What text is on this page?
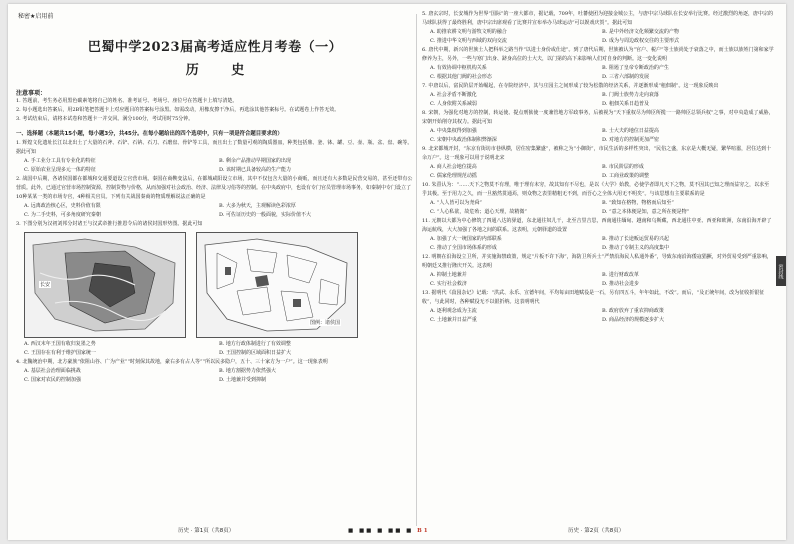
秘密★启用前
巴蜀中学2023届高考适应性月考卷（一）
历 史
注意事项：

1. 答题前，考生务必用黑色碳素笔将自己的姓名、准考证号、考场号、座位号在答题卡上填写清楚。

2. 每小题选出答案后，用2B铅笔把答题卡上对应题目的答案标号涂黑。如需改动，用橡皮擦干净后，再选涂其他答案标号。在试题卷上作答无效。

3. 考试结束后，请将本试卷和答题卡一并交回。满分100分，考试用时75分钟。

一、选择题（本题共15小题，每小题3分，共45分。在每小题给出的四个选项中，只有一项是符合题目要求的）

1. 辉煌文化遗址长江以北出土了大量的石斧、石铲、石锛、石刀、石磨盘、骨铲等工具，而且出土了数量可观的陶质器皿，种类包括鼎、釜、钵、罐、豆、壶、瓶、盆、盘、碗等。据此可知

A. 手工业分工具有专业化的特征	B. 剩余产品推动早期国家的出现
C. 原始农业呈现多元一体的特征	D. 该时期已具备较高的生产能力

2. 战国中后期，各诸侯国都在都城和交通要道设立官营市场。秦国在商鞅变法后，在都城咸阳设立市场，其中不仅包含大量的小商贩，而且还有大多数是民营交易的，甚至还带有公营质。此外，已通过官营市场控制资源，控制货物与价格，从而加强对社会政治、经济、法律及习俗等的控制。在中央政府中，也设有专门官员管理市场事务，如秦制中专门设立了10种某某一类的市场专官，4种相关官员。下列有关战国秦商的物质理解说法正确的是

A. 远离政治核心区，史料价值有限	B. 大多为秋天，主观解读色彩浓厚
C. 为二手史料，可多角度研究秦朝	D. 可佐证历史的一般面貌，实际价值不大

3. 下图分别为汉初刘邦分封诸王与汉武帝推行推恩令后的诸侯封国形势图。据此可知

长安
图例：诸侯国
A. 西汉末年王国有收归复墨之势	B. 地方行政体制进行了有效调整
C. 王国存在有利于维护国家统一	D. 王国控制的区域面积日益扩大

4. 北魏统治中期，北方豪族“依阻山谷、广为产业”“时刻保其故地，豪右多有占人等”“所以民多隐户，五十、三十家方为一户”。这一现象表明

A. 基层社会治理面临挑战	B. 地方割据势力依然强大
C. 国家对农民的控制加强	D. 土地兼并受到抑制

5. 唐玄宗时，长安城作为世界“国际”的一座大都市，据记载，709年，吐蕃使团为迎接金城公主，与唐中宗马球队在长安举行比赛。经过激烈的角逐，唐中宗的马球队获得了最终胜利，唐中宗出席观看了比赛并宣布举办马球运动“可以娱戏庆贺”。据此可知

A. 助推农耕文明与游牧文明的融合	B. 是中外经济文化频繁交流的产物
C. 推进中华文明与西域的双向交流	D. 成为与周边政权交往的主要形式

6. 唐代中期，新兴的世族士人把科举之路当作“以进士身份或仕途”。到了唐代后期，世族被认为“官户、税户”等士族尚处于衰落之中，而士族以族姓门第和家学修养为主，另外，一些与寒门出身、跻身高位的士大夫，以门第的高下来影响人们对自身的判断。这一变化说明

A. 有效协调中枢机构关系	B. 阻遏了皇帝专断政治的产生
C. 根据其他门阀的社会形态	D. 三省六部制的发展

7. 中唐以后，富民阶层开始崛起，在寺院经济中，其与庄园主之间形成了较为松散的经济关系，并逐渐形成“租佃制”。这一现象反映出

A. 社会矛盾不断激化	B. 门阀士族势力走向衰落
C. 人身依附关系减弱	D. 租佃关系日趋普及

8. 宋朝，为强化对地方的控制，转运使、提点刑狱使一度兼管地方军政事务，后被视为“天下重权尽为帅臣所揽一一路帅臣总领兵权”之事，对中央造成了威胁，宋朝开始削夺其权力。据此可知

A. 中央集权得到加强	B. 士大夫的地位日益提高
C. 宋朝中央政治体制积弊渐深	D. 对地方的控制更加严密

9. 北宋都城开封，“东京有街坊市巷纵横，居住密集繁盛”，被称之为“小御街”，市民生活的多样性突出，“民俗之盛，东京是大概无疑，繁华喧嚣，居住达到十余万户”。这一现象可以用于说明北宋

A. 商人社会地位提高	B. 市民阶层的形成
C. 儒家伦理规范动摇	D. 工商业政策的调整

10. 朱熹认为：“……天下之物莫不有理，唯于理有未穷，故其知有不尽也，是以《大学》始教，必使学者即凡天下之物，莫不因其已知之理而益穷之，以求至乎其极。至于用力之久，而一旦豁然贯通焉，则众物之表里精粗无不到，而吾心之全体大用无不明矣”。与该思想有主要联系的是

A. “人人皆可以为尧舜”	B. “致知在格物，物格而后知至”
C. “人心私欲，故危殆；道心天理，故精微”	D. “意之本体便是知，意之所在便是物”

11. 元朝以大都为中心修筑了四通八达的驿道，东北通往奴儿干，北至吉里吉思，西南通往缅甸、越南和乌斯藏，西北通往中亚、西亚和欧洲，东南沿海开辟了海运航线，大大加强了各地之间的联系。这表明，元朝驿道的设置

A. 加强了大一统国家的内部联系	B. 推动了长途贩运贸易的兴起
C. 推动了全国市场体系的形成	D. 推动了专制主义的高度集中

12. 明朝在沿海设立卫所，并实施海禁政策，规定“片板不许下海”，海防卫所兵士“严禁沿海民人私通外番”，导致东南沿海倭寇猖獗，对外贸易受到严重影响，明朝廷又推行隆庆开关。这表明

A. 抑制土地兼并	B. 进行财政改革
C. 实行社会救济	D. 推动社会进步

13. 据明代《菽园杂记》记载：“洪武、永乐、宣德年间，平均每亩田地赋役是一石，另有四五斗，年年如此，不改”。而后，“及正统年间，改为征收折银征收”，与此同时，各种赋役无不以银折纳。这表明明代

A. 逐利观念成为主流	B. 政府放弃了重农抑商政策
C. 土地兼并日益严重	D. 商品经济的规模逐步扩大
历史 · 第1页（共8页）	■ ■■ ■ ■■ ■ B1	历史 · 第2页（共8页）
密封线
